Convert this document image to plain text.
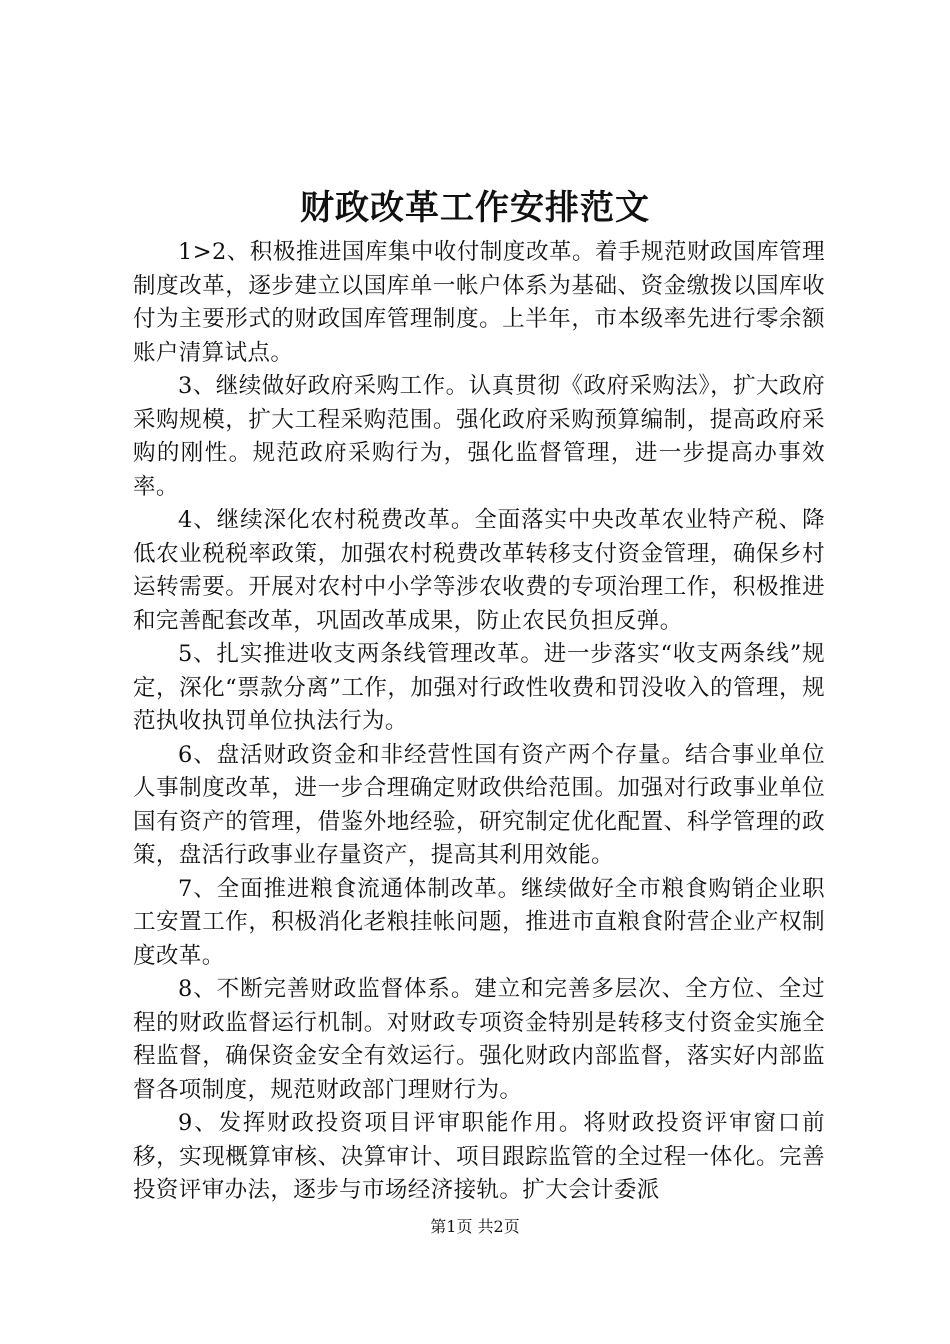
财政改革工作安排范文

1>2、积极推进国库集中收付制度改革。着手规范财政国库管理制度改革，逐步建立以国库单一帐户体系为基础、资金缴拨以国库收付为主要形式的财政国库管理制度。上半年，市本级率先进行零余额账户清算试点。

3、继续做好政府采购工作。认真贯彻《政府采购法》，扩大政府采购规模，扩大工程采购范围。强化政府采购预算编制，提高政府采购的刚性。规范政府采购行为，强化监督管理，进一步提高办事效率。

4、继续深化农村税费改革。全面落实中央改革农业特产税、降低农业税税率政策，加强农村税费改革转移支付资金管理，确保乡村运转需要。开展对农村中小学等涉农收费的专项治理工作，积极推进和完善配套改革，巩固改革成果，防止农民负担反弹。

5、扎实推进收支两条线管理改革。进一步落实“收支两条线”规定，深化“票款分离”工作，加强对行政性收费和罚没收入的管理，规范执收执罚单位执法行为。

6、盘活财政资金和非经营性国有资产两个存量。结合事业单位人事制度改革，进一步合理确定财政供给范围。加强对行政事业单位国有资产的管理，借鉴外地经验，研究制定优化配置、科学管理的政策，盘活行政事业存量资产，提高其利用效能。

7、全面推进粮食流通体制改革。继续做好全市粮食购销企业职工安置工作，积极消化老粮挂帐问题，推进市直粮食附营企业产权制度改革。

8、不断完善财政监督体系。建立和完善多层次、全方位、全过程的财政监督运行机制。对财政专项资金特别是转移支付资金实施全程监督，确保资金安全有效运行。强化财政内部监督，落实好内部监督各项制度，规范财政部门理财行为。

9、发挥财政投资项目评审职能作用。将财政投资评审窗口前移，实现概算审核、决算审计、项目跟踪监管的全过程一体化。完善投资评审办法，逐步与市场经济接轨。扩大会计委派

第1页 共2页
